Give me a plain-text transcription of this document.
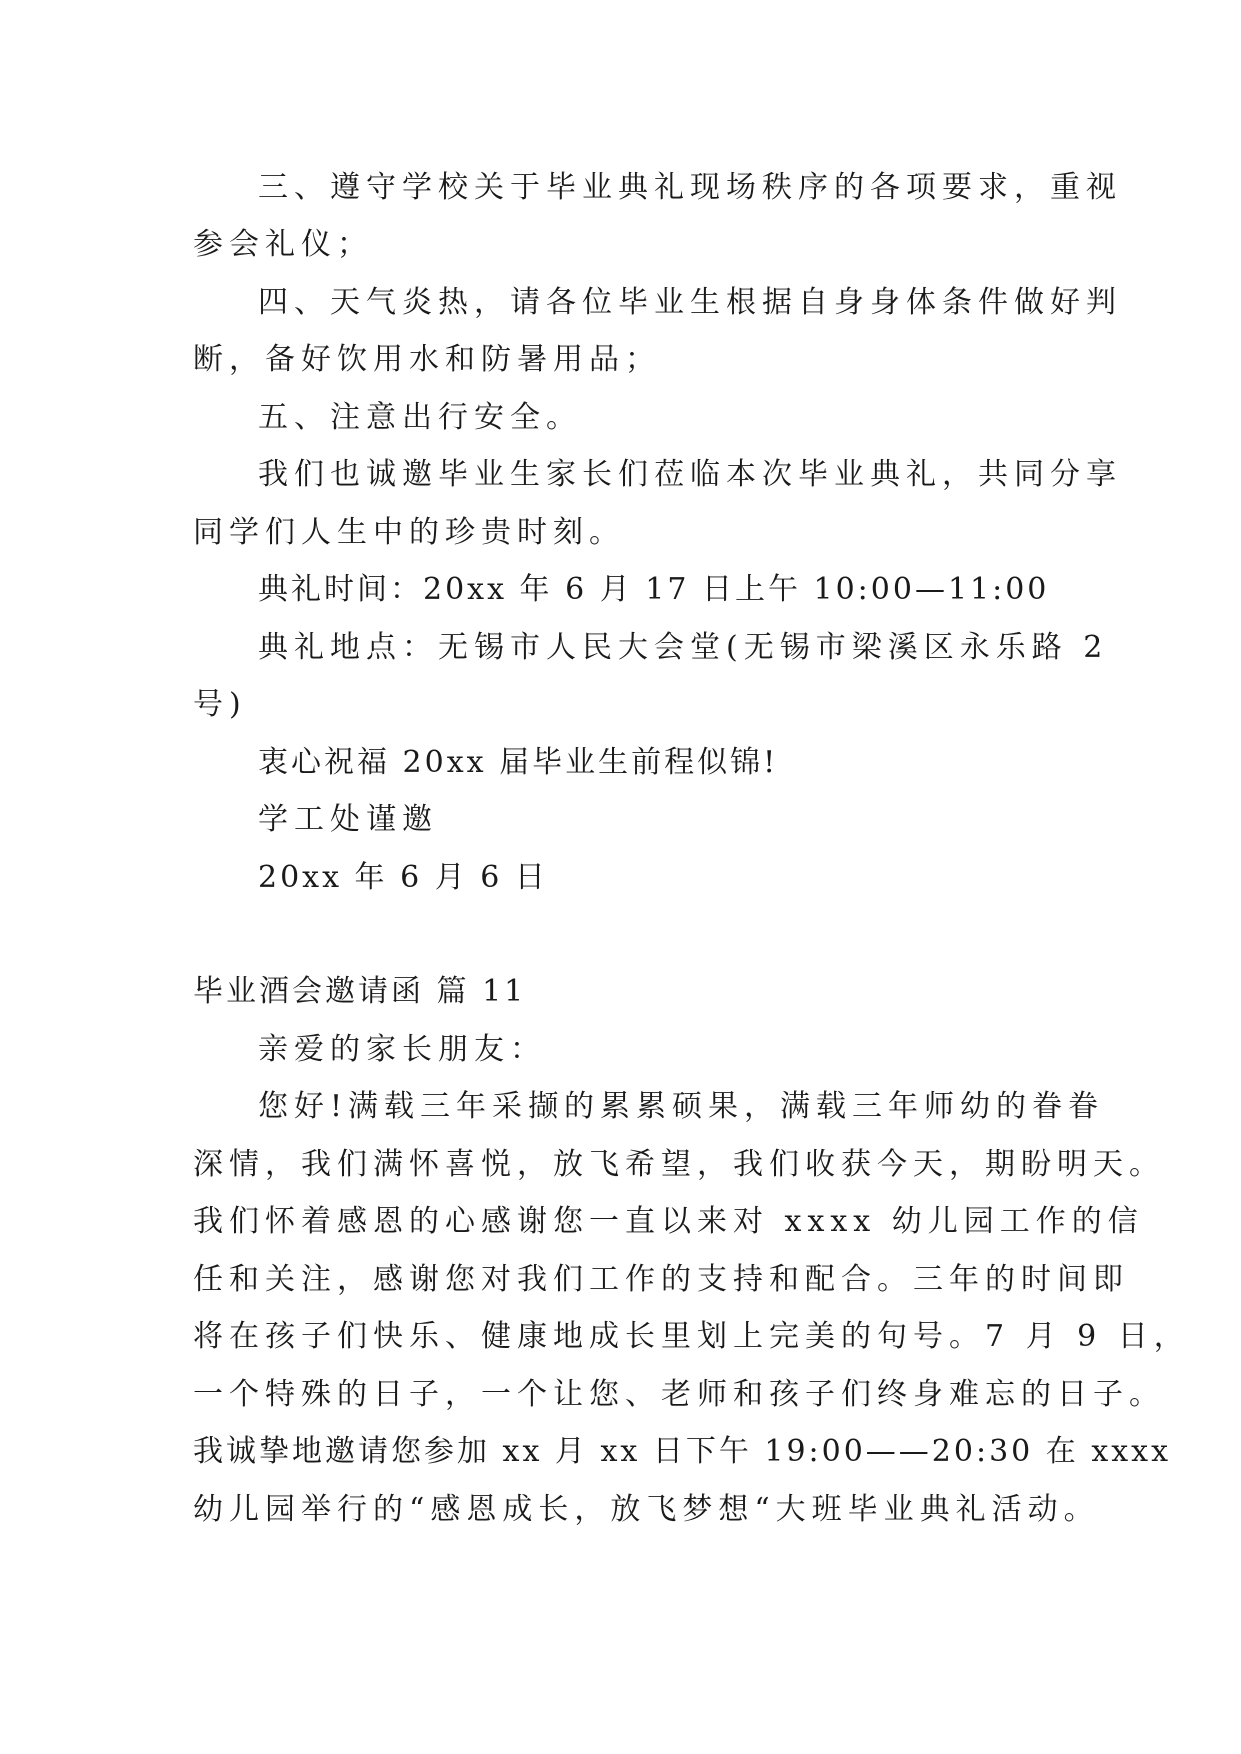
三、遵守学校关于毕业典礼现场秩序的各项要求，重视
参会礼仪；
四、天气炎热，请各位毕业生根据自身身体条件做好判
断，备好饮用水和防暑用品；
五、注意出行安全。
我们也诚邀毕业生家长们莅临本次毕业典礼，共同分享
同学们人生中的珍贵时刻。
典礼时间：20xx 年 6 月 17 日上午 10:00—11:00
典礼地点：无锡市人民大会堂(无锡市梁溪区永乐路 2
号)
衷心祝福 20xx 届毕业生前程似锦!
学工处谨邀
20xx 年 6 月 6 日
毕业酒会邀请函 篇 11
亲爱的家长朋友：
您好!满载三年采撷的累累硕果，满载三年师幼的眷眷
深情，我们满怀喜悦，放飞希望，我们收获今天，期盼明天。
我们怀着感恩的心感谢您一直以来对 xxxx 幼儿园工作的信
任和关注，感谢您对我们工作的支持和配合。三年的时间即
将在孩子们快乐、健康地成长里划上完美的句号。7 月 9 日，
一个特殊的日子，一个让您、老师和孩子们终身难忘的日子。
我诚挚地邀请您参加 xx 月 xx 日下午 19:00——20:30 在 xxxx
幼儿园举行的“感恩成长，放飞梦想“大班毕业典礼活动。
